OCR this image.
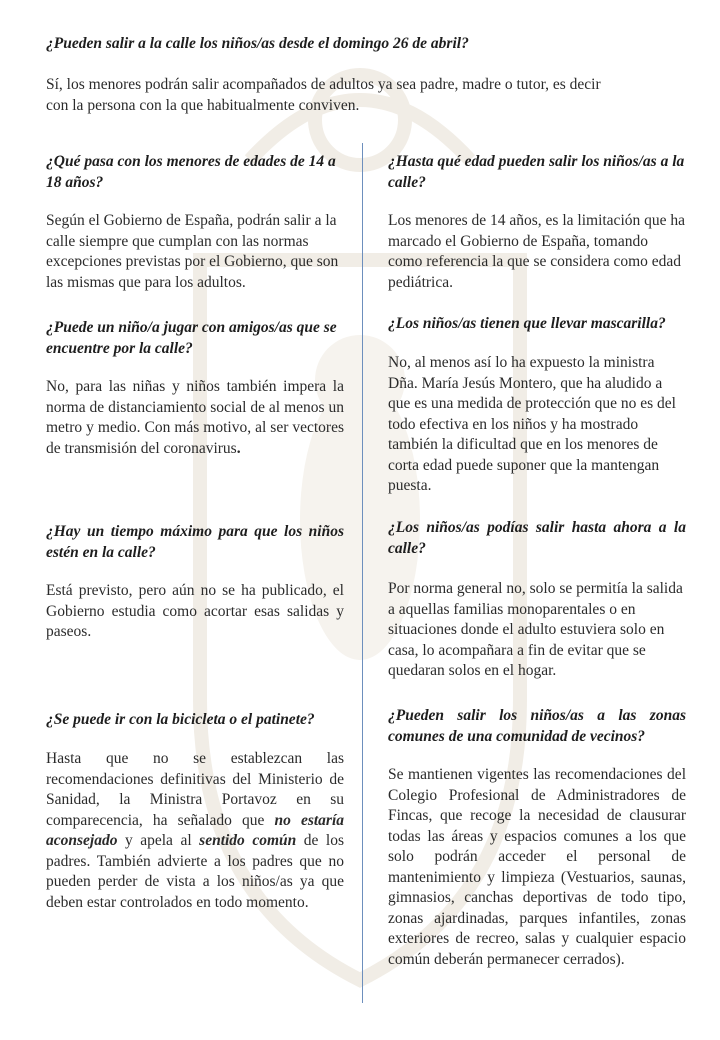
¿Pueden salir a la calle los niños/as desde el domingo 26 de abril?

Sí, los menores podrán salir acompañados de adultos ya sea padre, madre o tutor, es decir
con la persona con la que habitualmente conviven.

¿Qué pasa con los menores de edades de 14 a 18 años?

Según el Gobierno de España, podrán salir a la calle siempre que cumplan con las normas excepciones previstas por el Gobierno, que son las mismas que para los adultos.

¿Puede un niño/a jugar con amigos/as que se encuentre por la calle?

No, para las niñas y niños también impera la norma de distanciamiento social de al menos un metro y medio. Con más motivo, al ser vectores de transmisión del coronavirus.

¿Hay un tiempo máximo para que los niños estén en la calle?

Está previsto, pero aún no se ha publicado, el Gobierno estudia como acortar esas salidas y paseos.

¿Se puede ir con la bicicleta o el patinete?

Hasta que no se establezcan las recomendaciones definitivas del Ministerio de Sanidad, la Ministra Portavoz en su comparecencia, ha señalado que no estaría aconsejado y apela al sentido común de los padres. También advierte a los padres que no pueden perder de vista a los niños/as ya que deben estar controlados en todo momento.

¿Hasta qué edad pueden salir los niños/as a la calle?

Los menores de 14 años, es la limitación que ha marcado el Gobierno de España, tomando como referencia la que se considera como edad pediátrica.

¿Los niños/as tienen que llevar mascarilla?

No, al menos así lo ha expuesto la ministra Dña. María Jesús Montero, que ha aludido a que es una medida de protección que no es del todo efectiva en los niños y ha mostrado también la dificultad que en los menores de corta edad puede suponer que la mantengan puesta.

¿Los niños/as podías salir hasta ahora a la calle?

Por norma general no, solo se permitía la salida a aquellas familias monoparentales o en situaciones donde el adulto estuviera solo en casa, lo acompañara a fin de evitar que se quedaran solos en el hogar.

¿Pueden salir los niños/as a las zonas comunes de una comunidad de vecinos?

Se mantienen vigentes las recomendaciones del Colegio Profesional de Administradores de Fincas, que recoge la necesidad de clausurar todas las áreas y espacios comunes a los que solo podrán acceder el personal de mantenimiento y limpieza (Vestuarios, saunas, gimnasios, canchas deportivas de todo tipo, zonas ajardinadas, parques infantiles, zonas exteriores de recreo, salas y cualquier espacio común deberán permanecer cerrados).
